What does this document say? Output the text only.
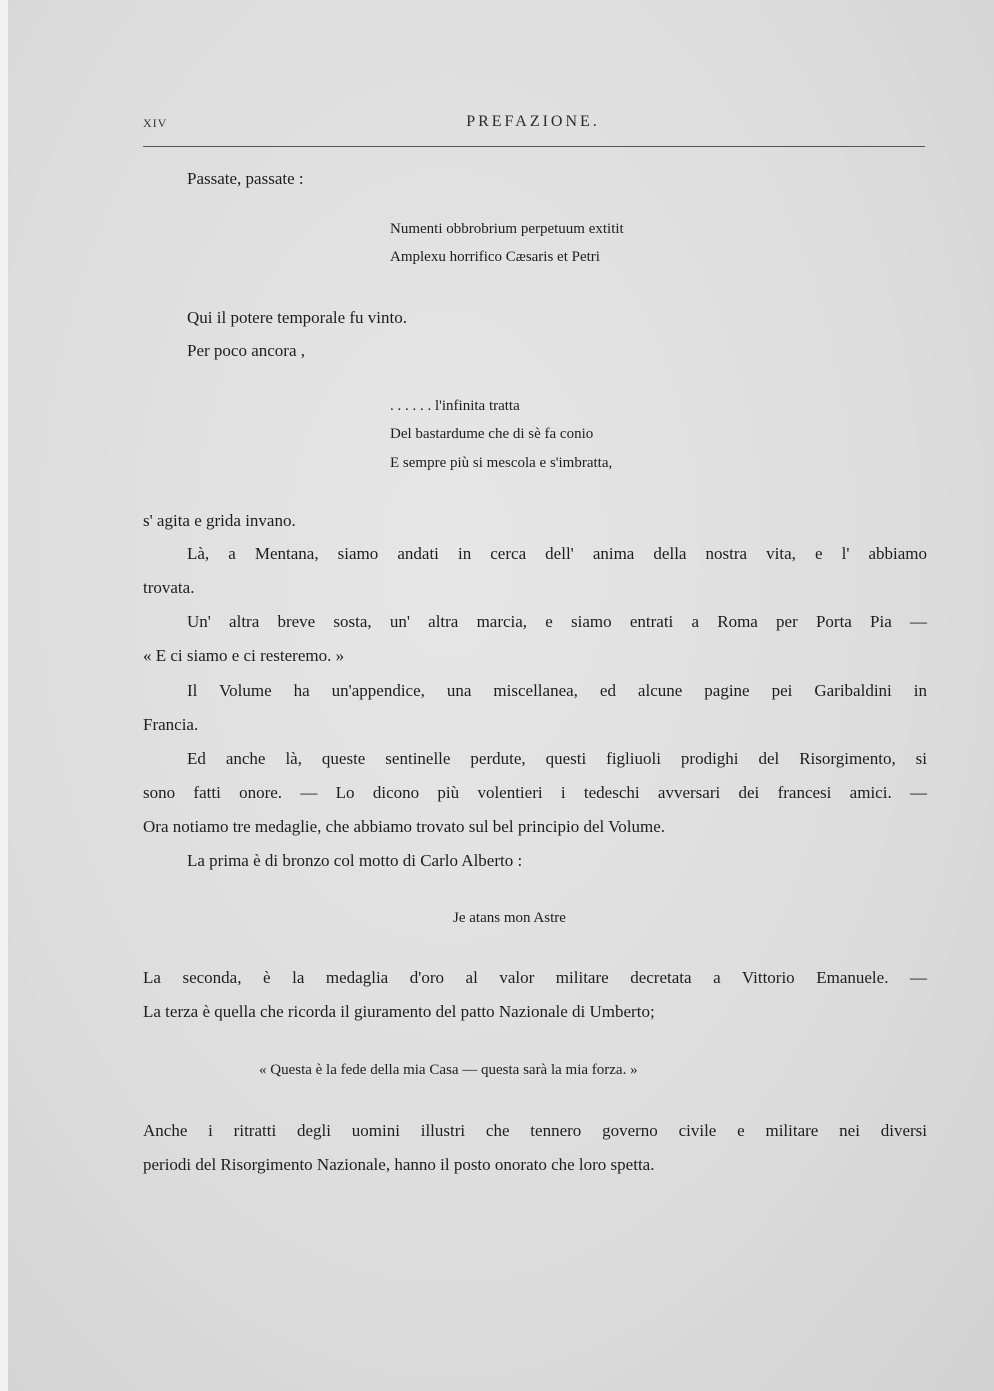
XIV	PREFAZIONE.
Passate, passate :
Numenti obbrobrium perpetuum extitit
Amplexu horrifico Cæsaris et Petri
Qui il potere temporale fu vinto.
Per poco ancora ,
. . . . . . l'infinita tratta
Del bastardume che di sè fa conio
E sempre più si mescola e s'imbratta,
s' agita e grida invano.
Là, a Mentana, siamo andati in cerca dell' anima della nostra vita, e l' abbiamo
trovata.
Un' altra breve sosta, un' altra marcia, e siamo entrati a Roma per Porta Pia —
« E ci siamo e ci resteremo. »
Il Volume ha un'appendice, una miscellanea, ed alcune pagine pei Garibaldini in
Francia.
Ed anche là, queste sentinelle perdute, questi figliuoli prodighi del Risorgimento, si
sono fatti onore. — Lo dicono più volentieri i tedeschi avversari dei francesi amici. —
Ora notiamo tre medaglie, che abbiamo trovato sul bel principio del Volume.
La prima è di bronzo col motto di Carlo Alberto :
Je atans mon Astre
La seconda, è la medaglia d'oro al valor militare decretata a Vittorio Emanuele. —
La terza è quella che ricorda il giuramento del patto Nazionale di Umberto;
« Questa è la fede della mia Casa — questa sarà la mia forza. »
Anche i ritratti degli uomini illustri che tennero governo civile e militare nei diversi
periodi del Risorgimento Nazionale, hanno il posto onorato che loro spetta.
